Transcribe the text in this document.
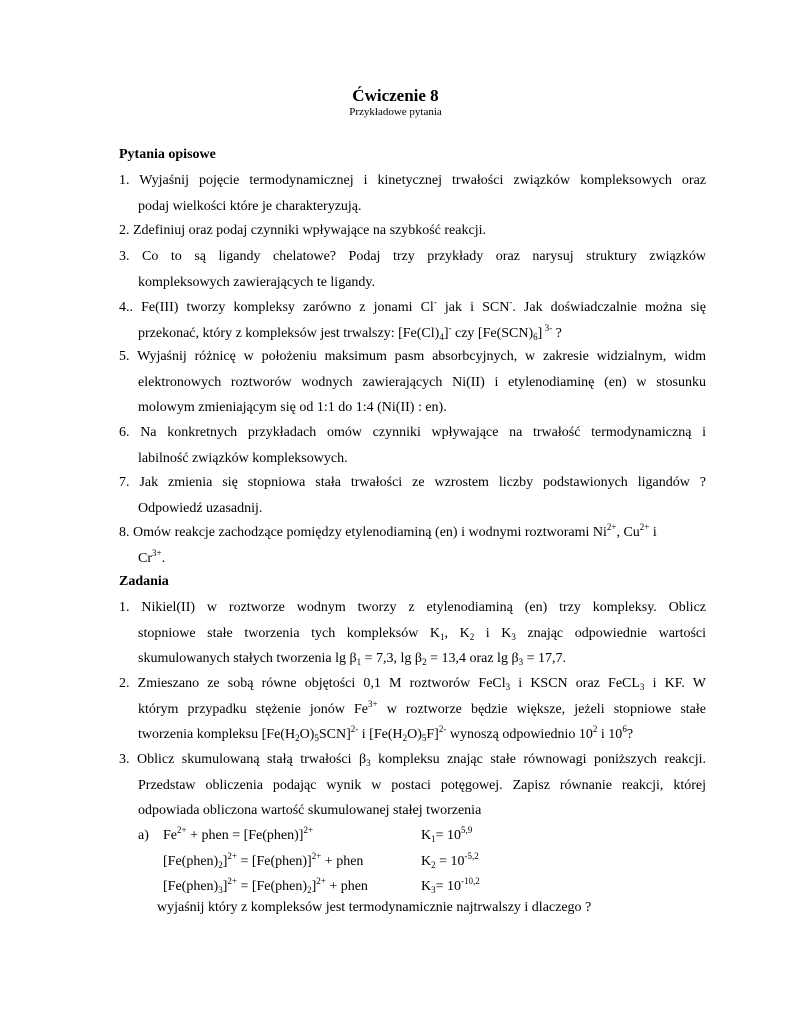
Ćwiczenie 8
Przykładowe pytania
Pytania opisowe
1. Wyjaśnij pojęcie termodynamicznej i kinetycznej trwałości związków kompleksowych oraz
podaj wielkości które je charakteryzują.
2. Zdefiniuj oraz podaj czynniki wpływające na szybkość reakcji.
3. Co to są ligandy chelatowe? Podaj trzy przykłady oraz narysuj struktury związków
kompleksowych zawierających te ligandy.
4.. Fe(III) tworzy kompleksy zarówno z jonami Cl- jak i SCN-. Jak doświadczalnie można się
przekonać, który z kompleksów jest trwalszy: $[Fe(Cl)_4]^-$ czy $[Fe(SCN)_6]$ $^{3-}$ ?
5. Wyjaśnij różnicę w położeniu maksimum pasm absorbcyjnych, w zakresie widzialnym, widm
elektronowych roztworów wodnych zawierających Ni(II) i etylenodiaminę (en) w stosunku
molowym zmieniającym się od 1:1 do 1:4 (Ni(II) : en).
6. Na konkretnych przykładach omów czynniki wpływające na trwałość termodynamiczną i
labilność związków kompleksowych.
7. Jak zmienia się stopniowa stała trwałości ze wzrostem liczby podstawionych ligandów ?
Odpowiedź uzasadnij.
8. Omów reakcje zachodzące pomiędzy etylenodiaminą (en) i wodnymi roztworami $Ni^{2+}$, $Cu^{2+}$ i
$Cr^{3+}$.
Zadania
1. Nikiel(II) w roztworze wodnym tworzy z etylenodiaminą (en) trzy kompleksy. Oblicz
stopniowe stałe tworzenia tych kompleksów $K_1$, $K_2$ i $K_3$ znając odpowiednie wartości
skumulowanych stałych tworzenia $\lg \beta_1 = 7,3$, $\lg \beta_2 = 13,4$ oraz $\lg \beta_3 = 17,7$.
2. Zmieszano ze sobą równe objętości 0,1 M roztworów FeCl$_3$ i KSCN oraz FeCL$_3$ i KF. W
którym przypadku stężenie jonów $Fe^{3+}$ w roztworze będzie większe, jeżeli stopniowe stałe
tworzenia kompleksu $[Fe(H_2O)_5SCN]^{2-}$ i $[Fe(H_2O)_5F]^{2-}$ wynoszą odpowiednio $10^2$ i $10^6$?
3. Oblicz skumulowaną stałą trwałości $\beta_3$ kompleksu znając stałe równowagi poniższych reakcji.
Przedstaw obliczenia podając wynik w postaci potęgowej. Zapisz równanie reakcji, której
odpowiada obliczona wartość skumulowanej stałej tworzenia
a) $Fe^{2+}$ + phen = [Fe(phen)]$^{2+}$	$K_1= 10^{5,9}$
$[Fe(phen)_2]^{2+}$ = [Fe(phen)]$^{2+}$ + phen	$K_2 = 10^{-5,2}$
$[Fe(phen)_3]^{2+}$ = $[Fe(phen)_2]^{2+}$ + phen	$K_3= 10^{-10,2}$
wyjaśnij który z kompleksów jest termodynamicznie najtrwalszy i dlaczego ?
